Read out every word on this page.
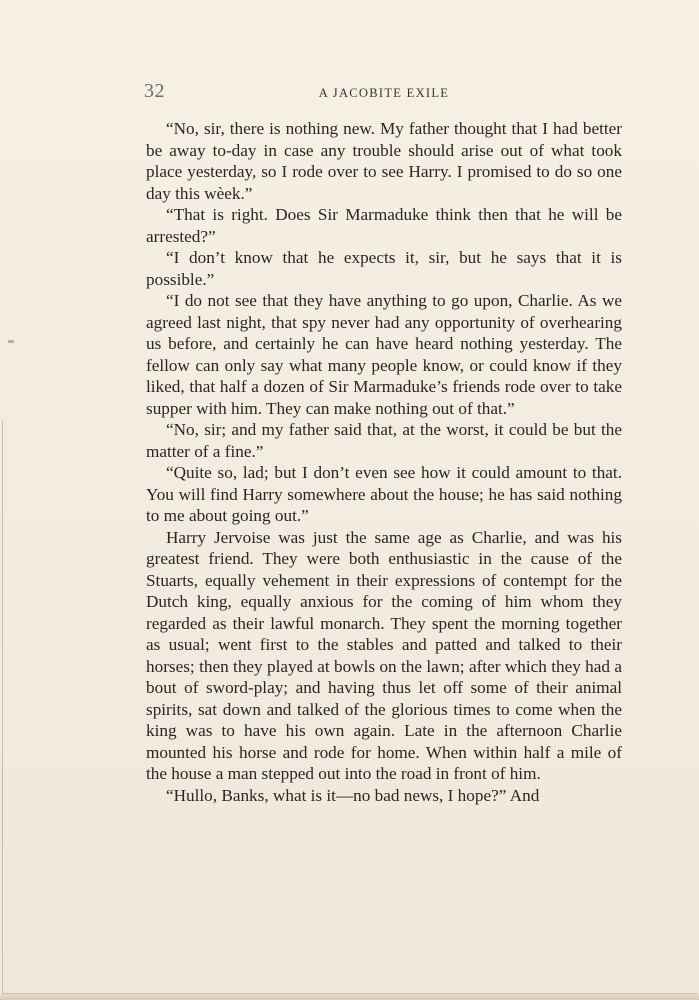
32	A JACOBITE EXILE

“No, sir, there is nothing new. My father thought that I had better be away to-day in case any trouble should arise out of what took place yesterday, so I rode over to see Harry. I promised to do so one day this wèek.”

“That is right. Does Sir Marmaduke think then that he will be arrested?”

“I don’t know that he expects it, sir, but he says that it is possible.”

“I do not see that they have anything to go upon, Charlie. As we agreed last night, that spy never had any opportunity of overhearing us before, and certainly he can have heard nothing yesterday. The fellow can only say what many people know, or could know if they liked, that half a dozen of Sir Marmaduke’s friends rode over to take supper with him. They can make nothing out of that.”

“No, sir; and my father said that, at the worst, it could be but the matter of a fine.”

“Quite so, lad; but I don’t even see how it could amount to that. You will find Harry somewhere about the house; he has said nothing to me about going out.”

Harry Jervoise was just the same age as Charlie, and was his greatest friend. They were both enthusiastic in the cause of the Stuarts, equally vehement in their expressions of contempt for the Dutch king, equally anxious for the coming of him whom they regarded as their lawful monarch. They spent the morning together as usual; went first to the stables and patted and talked to their horses; then they played at bowls on the lawn; after which they had a bout of sword-play; and having thus let off some of their animal spirits, sat down and talked of the glorious times to come when the king was to have his own again. Late in the afternoon Charlie mounted his horse and rode for home. When within half a mile of the house a man stepped out into the road in front of him.

“Hullo, Banks, what is it—no bad news, I hope?” And
